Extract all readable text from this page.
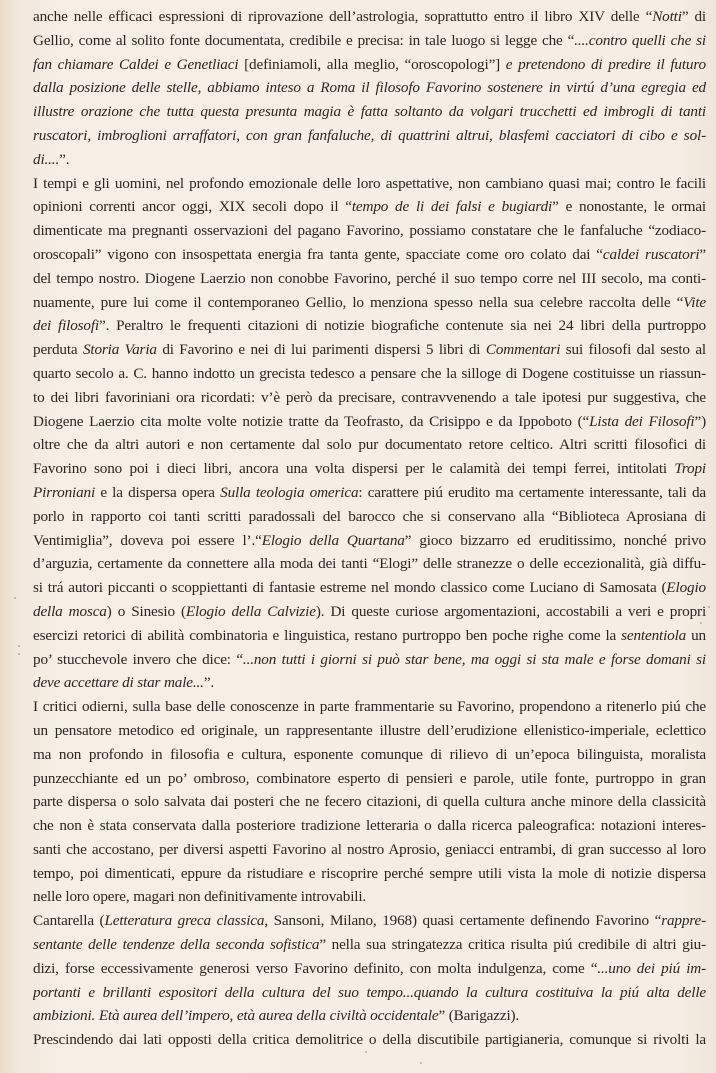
anche nelle efficaci espressioni di riprovazione dell’astrologia, soprattutto entro il libro XIV delle “Notti” di
Gellio, come al solito fonte documentata, credibile e precisa: in tale luogo si legge che “....contro quelli che si
fan chiamare Caldei e Genetliaci [definiamoli, alla meglio, “oroscopologi”] e pretendono di predire il futuro
dalla posizione delle stelle, abbiamo inteso a Roma il filosofo Favorino sostenere in virtú d’una egregia ed
illustre orazione che tutta questa presunta magia è fatta soltanto da volgari trucchetti ed imbrogli di tanti
ruscatori, imbroglioni arraffatori, con gran fanfaluche, di quattrini altrui, blasfemi cacciatori di cibo e sol-
di....”.
I tempi e gli uomini, nel profondo emozionale delle loro aspettative, non cambiano quasi mai; contro le facili
opinioni correnti ancor oggi, XIX secoli dopo il “tempo de li dei falsi e bugiardi” e nonostante, le ormai
dimenticate ma pregnanti osservazioni del pagano Favorino, possiamo constatare che le fanfaluche “zodiaco-
oroscopali” vigono con insospettata energia fra tanta gente, spacciate come oro colato dai “caldei ruscatori”
del tempo nostro. Diogene Laerzio non conobbe Favorino, perché il suo tempo corre nel III secolo, ma conti-
nuamente, pure lui come il contemporaneo Gellio, lo menziona spesso nella sua celebre raccolta delle “Vite
dei filosofi”. Peraltro le frequenti citazioni di notizie biografiche contenute sia nei 24 libri della purtroppo
perduta Storia Varia di Favorino e nei di lui parimenti dispersi 5 libri di Commentari sui filosofi dal sesto al
quarto secolo a. C. hanno indotto un grecista tedesco a pensare che la silloge di Dogene costituisse un riassun-
to dei libri favoriniani ora ricordati: v’è però da precisare, contravvenendo a tale ipotesi pur suggestiva, che
Diogene Laerzio cita molte volte notizie tratte da Teofrasto, da Crisippo e da Ippoboto (“Lista dei Filosofi”)
oltre che da altri autori e non certamente dal solo pur documentato retore celtico. Altri scritti filosofici di
Favorino sono poi i dieci libri, ancora una volta dispersi per le calamità dei tempi ferrei, intitolati Tropi
Pirroniani e la dispersa opera Sulla teologia omerica: carattere piú erudito ma certamente interessante, tali da
porlo in rapporto coi tanti scritti paradossali del barocco che si conservano alla “Biblioteca Aprosiana di
Ventimiglia”, doveva poi essere l’.“Elogio della Quartana” gioco bizzarro ed eruditissimo, nonché privo
d’arguzia, certamente da connettere alla moda dei tanti “Elogi” delle stranezze o delle eccezionalità, già diffu-
si trá autori piccanti o scoppiettanti di fantasie estreme nel mondo classico come Luciano di Samosata (Elogio
della mosca) o Sinesio (Elogio della Calvizie). Di queste curiose argomentazioni, accostabili a veri e propri
esercizi retorici di abilità combinatoria e linguistica, restano purtroppo ben poche righe come la sententiola un
po’ stucchevole invero che dice: “...non tutti i giorni si può star bene, ma oggi si sta male e forse domani si
deve accettare di star male...”.
I critici odierni, sulla base delle conoscenze in parte frammentarie su Favorino, propendono a ritenerlo piú che
un pensatore metodico ed originale, un rappresentante illustre dell’erudizione ellenistico-imperiale, eclettico
ma non profondo in filosofia e cultura, esponente comunque di rilievo di un’epoca bilinguista, moralista
punzecchiante ed un po’ ombroso, combinatore esperto di pensieri e parole, utile fonte, purtroppo in gran
parte dispersa o solo salvata dai posteri che ne fecero citazioni, di quella cultura anche minore della classicità
che non è stata conservata dalla posteriore tradizione letteraria o dalla ricerca paleografica: notazioni interes-
santi che accostano, per diversi aspetti Favorino al nostro Aprosio, geniacci entrambi, di gran successo al loro
tempo, poi dimenticati, eppure da ristudiare e riscoprire perché sempre utili vista la mole di notizie dispersa
nelle loro opere, magari non definitivamente introvabili.
Cantarella (Letteratura greca classica, Sansoni, Milano, 1968) quasi certamente definendo Favorino “rappre-
sentante delle tendenze della seconda sofistica” nella sua stringatezza critica risulta piú credibile di altri giu-
dizi, forse eccessivamente generosi verso Favorino definito, con molta indulgenza, come “...uno dei piú im-
portanti e brillanti espositori della cultura del suo tempo...quando la cultura costituiva la piú alta delle
ambizioni. Età aurea dell’impero, età aurea della civiltà occidentale” (Barigazzi).
Prescindendo dai lati opposti della critica demolitrice o della discutibile partigianeria, comunque si rivolti la
